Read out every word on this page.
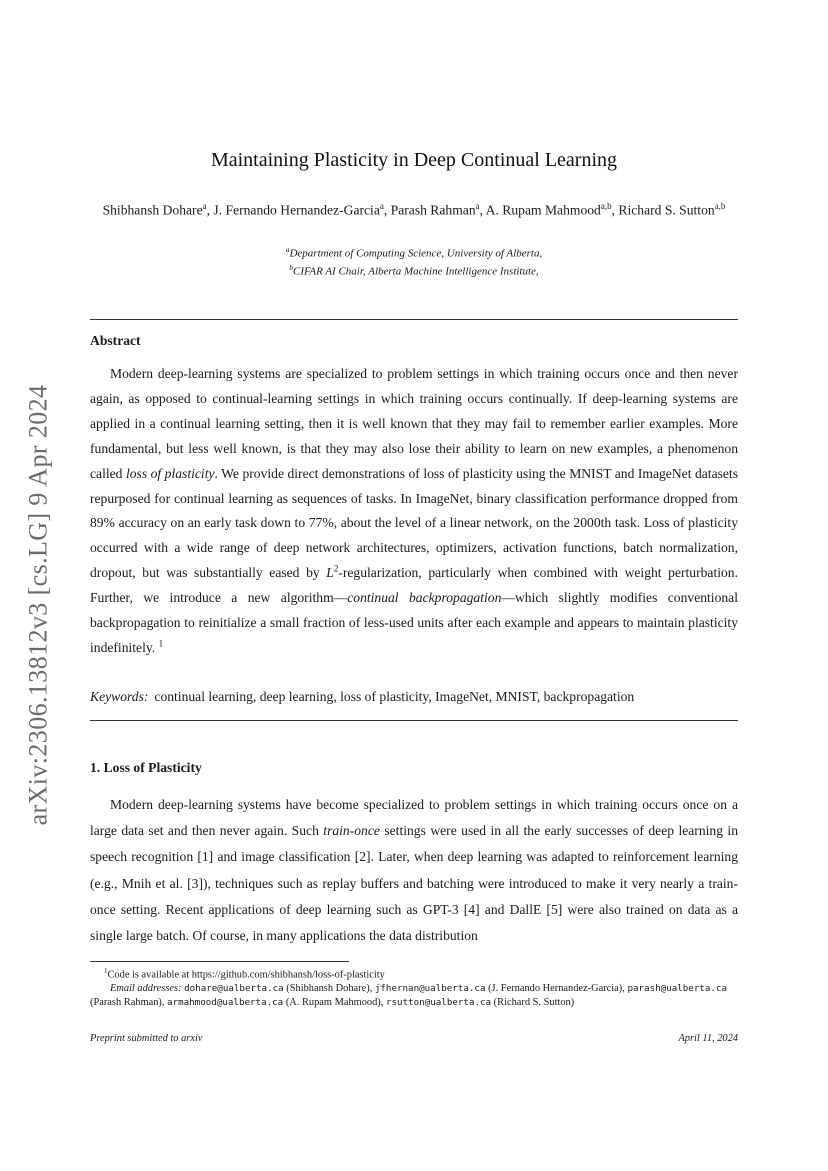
arXiv:2306.13812v3 [cs.LG] 9 Apr 2024
Maintaining Plasticity in Deep Continual Learning
Shibhansh Dohare$^a$, J. Fernando Hernandez-Garcia$^a$, Parash Rahman$^a$, A. Rupam Mahmood$^{a,b}$, Richard S. Sutton$^{a,b}$
$^a$Department of Computing Science, University of Alberta,
$^b$CIFAR AI Chair, Alberta Machine Intelligence Institute,
Abstract
Modern deep-learning systems are specialized to problem settings in which training occurs once and then never again, as opposed to continual-learning settings in which training occurs continually. If deep-learning systems are applied in a continual learning setting, then it is well known that they may fail to remember earlier examples. More fundamental, but less well known, is that they may also lose their ability to learn on new examples, a phenomenon called loss of plasticity. We provide direct demonstrations of loss of plasticity using the MNIST and ImageNet datasets repurposed for continual learning as sequences of tasks. In ImageNet, binary classification performance dropped from 89% accuracy on an early task down to 77%, about the level of a linear network, on the 2000th task. Loss of plasticity occurred with a wide range of deep network architectures, optimizers, activation functions, batch normalization, dropout, but was substantially eased by $L^2$-regularization, particularly when combined with weight perturbation. Further, we introduce a new algorithm—continual backpropagation—which slightly modifies conventional backpropagation to reinitialize a small fraction of less-used units after each example and appears to maintain plasticity indefinitely. $^1$
Keywords: continual learning, deep learning, loss of plasticity, ImageNet, MNIST, backpropagation
1. Loss of Plasticity
Modern deep-learning systems have become specialized to problem settings in which training occurs once on a large data set and then never again. Such train-once settings were used in all the early successes of deep learning in speech recognition [1] and image classification [2]. Later, when deep learning was adapted to reinforcement learning (e.g., Mnih et al. [3]), techniques such as replay buffers and batching were introduced to make it very nearly a train-once setting. Recent applications of deep learning such as GPT-3 [4] and DallE [5] were also trained on data as a single large batch. Of course, in many applications the data distribution

$^1$Code is available at https://github.com/shibhansh/loss-of-plasticity

Email addresses: dohare@ualberta.ca (Shibhansh Dohare), jfhernan@ualberta.ca (J. Fernando Hernandez-Garcia), parash@ualberta.ca (Parash Rahman), armahmood@ualberta.ca (A. Rupam Mahmood), rsutton@ualberta.ca (Richard S. Sutton)

Preprint submitted to arxiv	April 11, 2024
